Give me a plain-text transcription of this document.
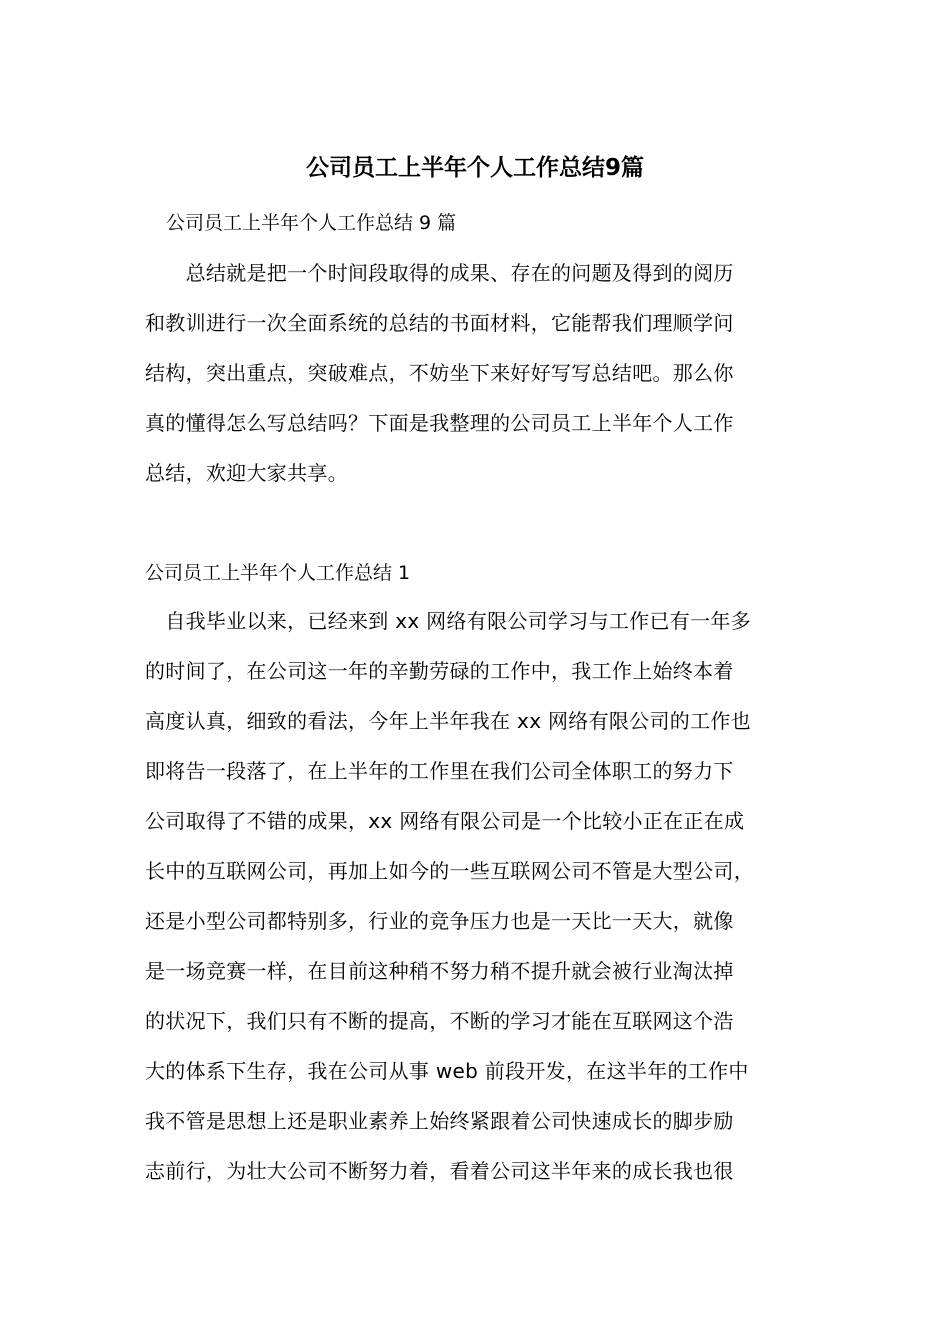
公司员工上半年个人工作总结9篇

公司员工上半年个人工作总结 9 篇

　　总结就是把一个时间段取得的成果、存在的问题及得到的阅历
和教训进行一次全面系统的总结的书面材料，它能帮我们理顺学问
结构，突出重点，突破难点，不妨坐下来好好写写总结吧。那么你
真的懂得怎么写总结吗？下面是我整理的公司员工上半年个人工作
总结，欢迎大家共享。

公司员工上半年个人工作总结 1

　自我毕业以来，已经来到 xx 网络有限公司学习与工作已有一年多
的时间了，在公司这一年的辛勤劳碌的工作中，我工作上始终本着
高度认真，细致的看法，今年上半年我在 xx 网络有限公司的工作也
即将告一段落了，在上半年的工作里在我们公司全体职工的努力下
公司取得了不错的成果，xx 网络有限公司是一个比较小正在正在成
长中的互联网公司，再加上如今的一些互联网公司不管是大型公司，
还是小型公司都特别多，行业的竞争压力也是一天比一天大，就像
是一场竞赛一样，在目前这种稍不努力稍不提升就会被行业淘汰掉
的状况下，我们只有不断的提高，不断的学习才能在互联网这个浩
大的体系下生存，我在公司从事 web 前段开发，在这半年的工作中
我不管是思想上还是职业素养上始终紧跟着公司快速成长的脚步励
志前行，为壮大公司不断努力着，看着公司这半年来的成长我也很
